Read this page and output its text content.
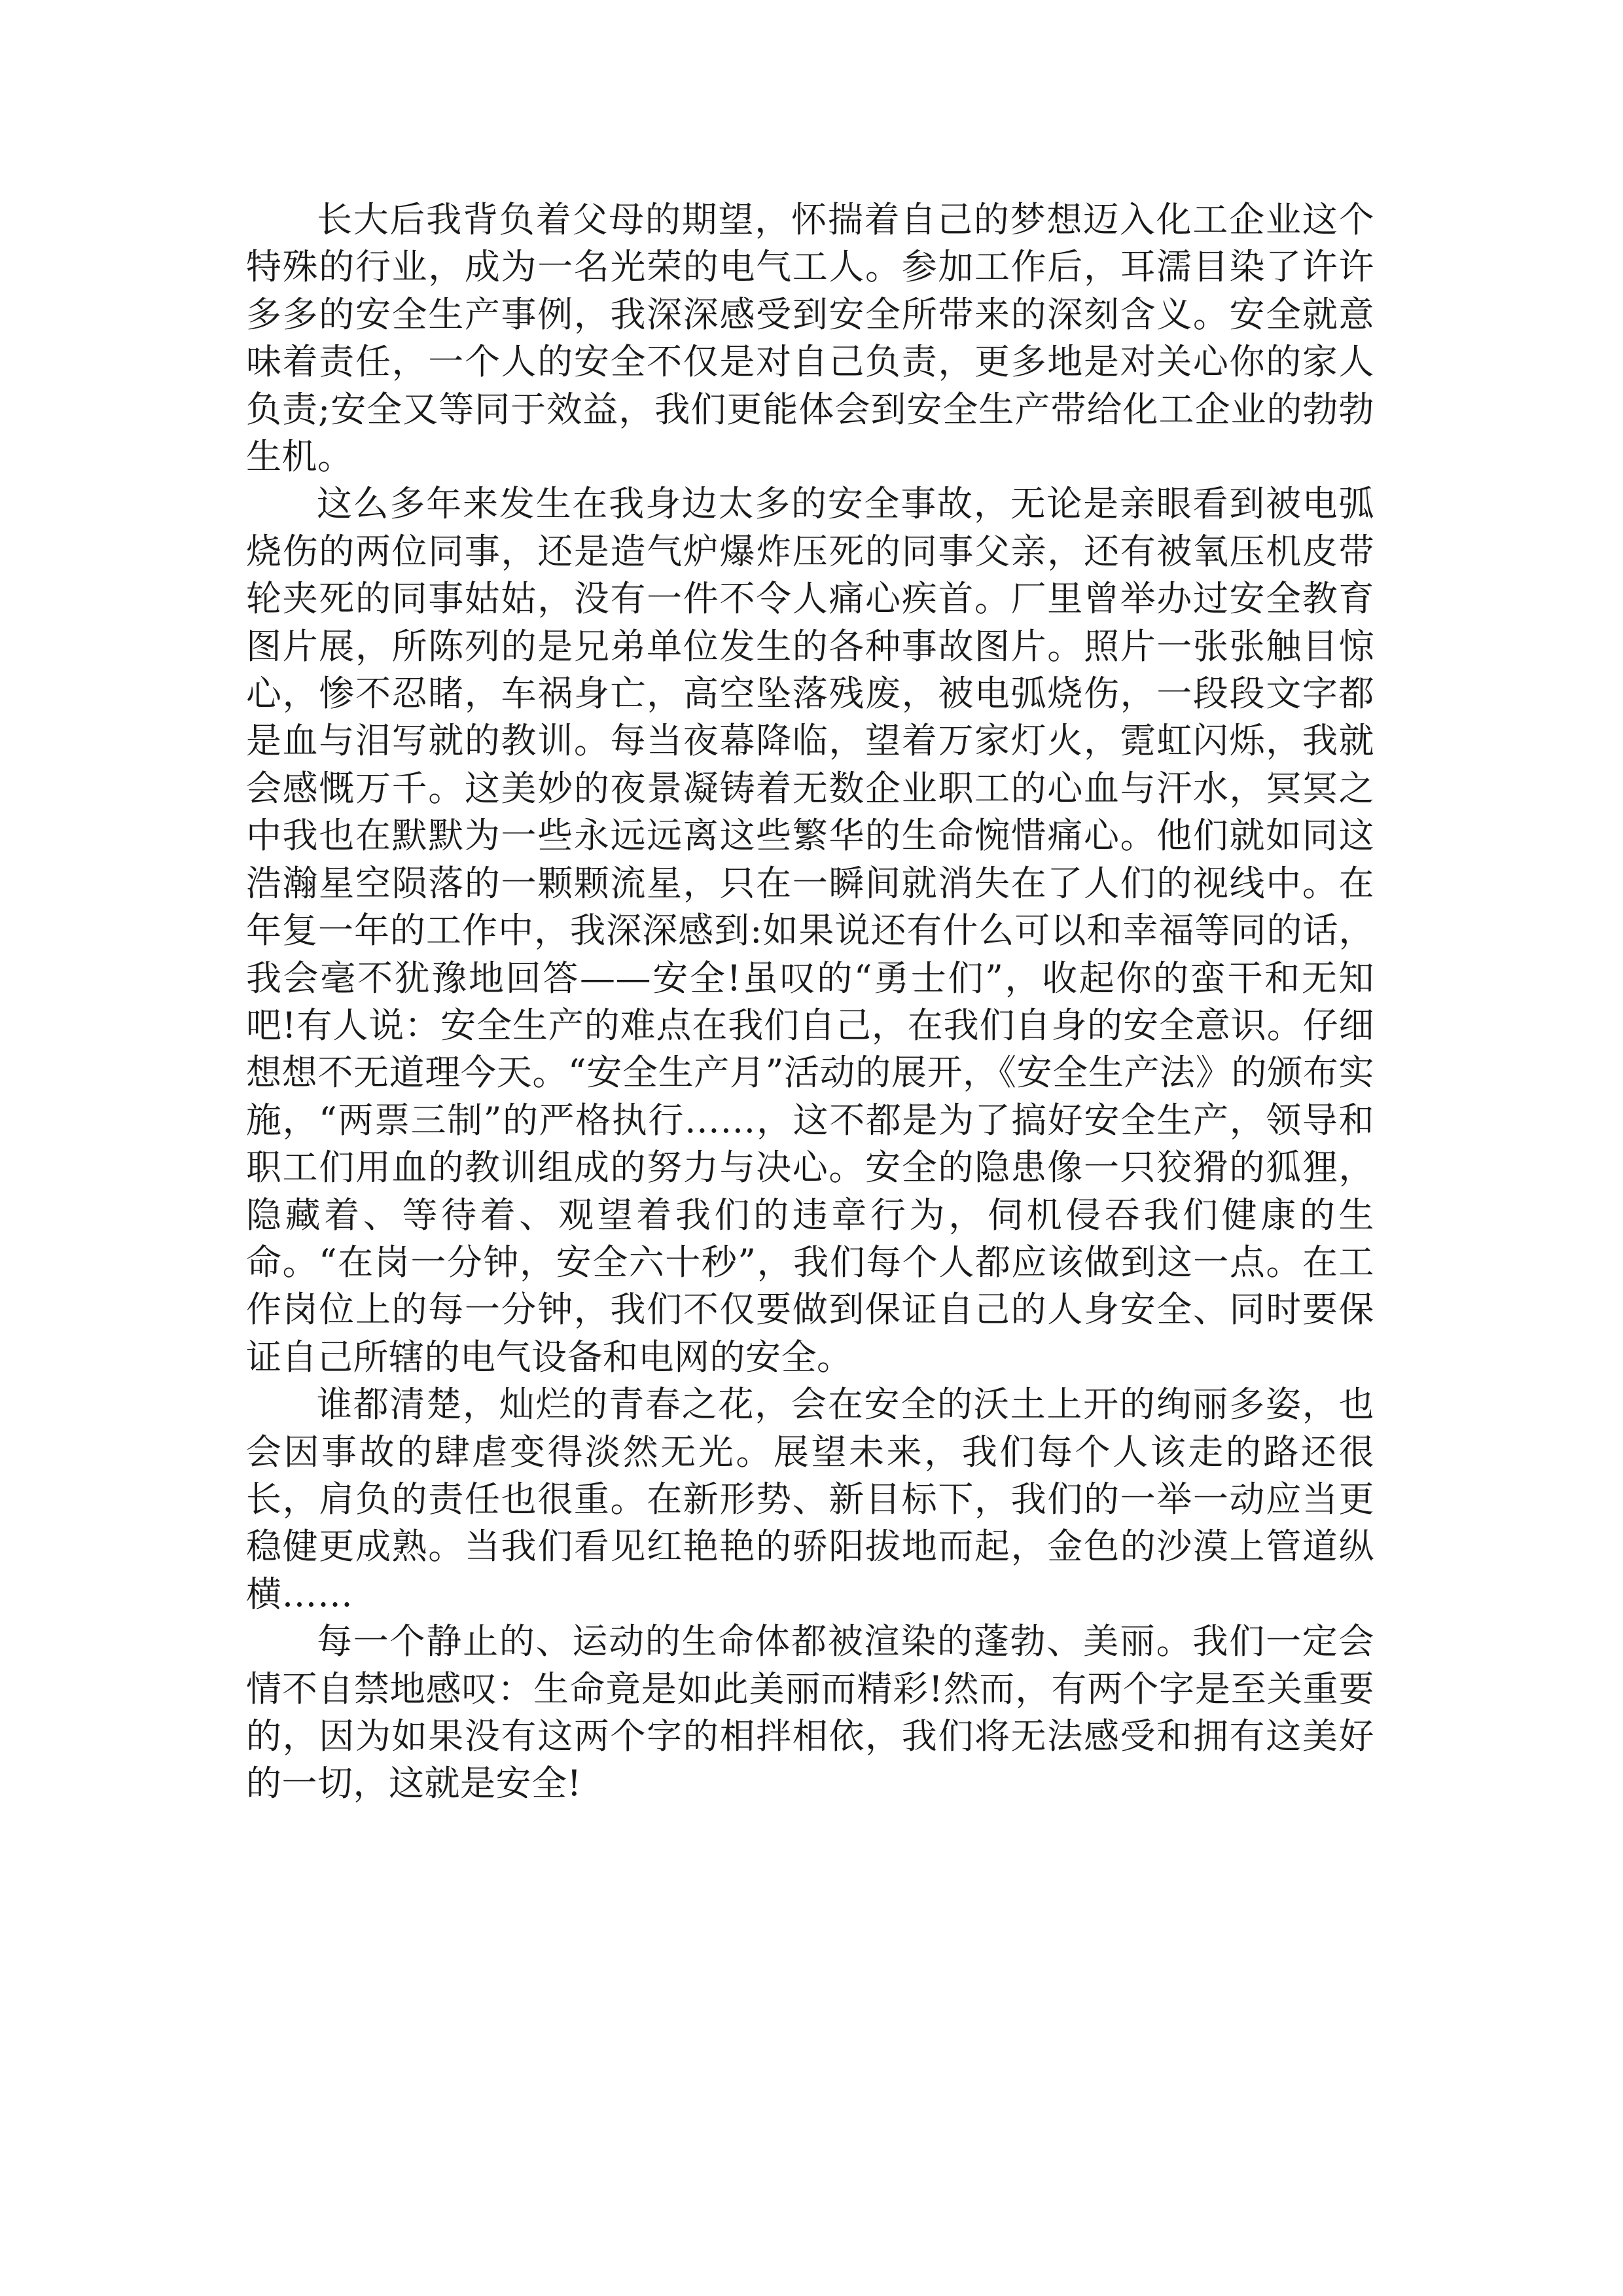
长大后我背负着父母的期望，怀揣着自己的梦想迈入化工企业这个特殊的行业，成为一名光荣的电气工人。参加工作后，耳濡目染了许许多多的安全生产事例，我深深感受到安全所带来的深刻含义。安全就意味着责任，一个人的安全不仅是对自己负责，更多地是对关心你的家人负责;安全又等同于效益，我们更能体会到安全生产带给化工企业的勃勃生机。

这么多年来发生在我身边太多的安全事故，无论是亲眼看到被电弧烧伤的两位同事，还是造气炉爆炸压死的同事父亲，还有被氧压机皮带轮夹死的同事姑姑，没有一件不令人痛心疾首。厂里曾举办过安全教育图片展，所陈列的是兄弟单位发生的各种事故图片。照片一张张触目惊心，惨不忍睹，车祸身亡，高空坠落残废，被电弧烧伤，一段段文字都是血与泪写就的教训。每当夜幕降临，望着万家灯火，霓虹闪烁，我就会感慨万千。这美妙的夜景凝铸着无数企业职工的心血与汗水，冥冥之中我也在默默为一些永远远离这些繁华的生命惋惜痛心。他们就如同这浩瀚星空陨落的一颗颗流星，只在一瞬间就消失在了人们的视线中。在年复一年的工作中，我深深感到:如果说还有什么可以和幸福等同的话，我会毫不犹豫地回答——安全!虽叹的“勇士们”，收起你的蛮干和无知吧!有人说：安全生产的难点在我们自己，在我们自身的安全意识。仔细想想不无道理今天。“安全生产月”活动的展开，《安全生产法》的颁布实施，“两票三制”的严格执行……，这不都是为了搞好安全生产，领导和职工们用血的教训组成的努力与决心。安全的隐患像一只狡猾的狐狸，隐藏着、等待着、观望着我们的违章行为，伺机侵吞我们健康的生命。“在岗一分钟，安全六十秒”，我们每个人都应该做到这一点。在工作岗位上的每一分钟，我们不仅要做到保证自己的人身安全、同时要保证自己所辖的电气设备和电网的安全。

谁都清楚，灿烂的青春之花，会在安全的沃土上开的绚丽多姿，也会因事故的肆虐变得淡然无光。展望未来，我们每个人该走的路还很长，肩负的责任也很重。在新形势、新目标下，我们的一举一动应当更稳健更成熟。当我们看见红艳艳的骄阳拔地而起，金色的沙漠上管道纵横……

每一个静止的、运动的生命体都被渲染的蓬勃、美丽。我们一定会情不自禁地感叹：生命竟是如此美丽而精彩!然而，有两个字是至关重要的，因为如果没有这两个字的相拌相依，我们将无法感受和拥有这美好的一切，这就是安全!
